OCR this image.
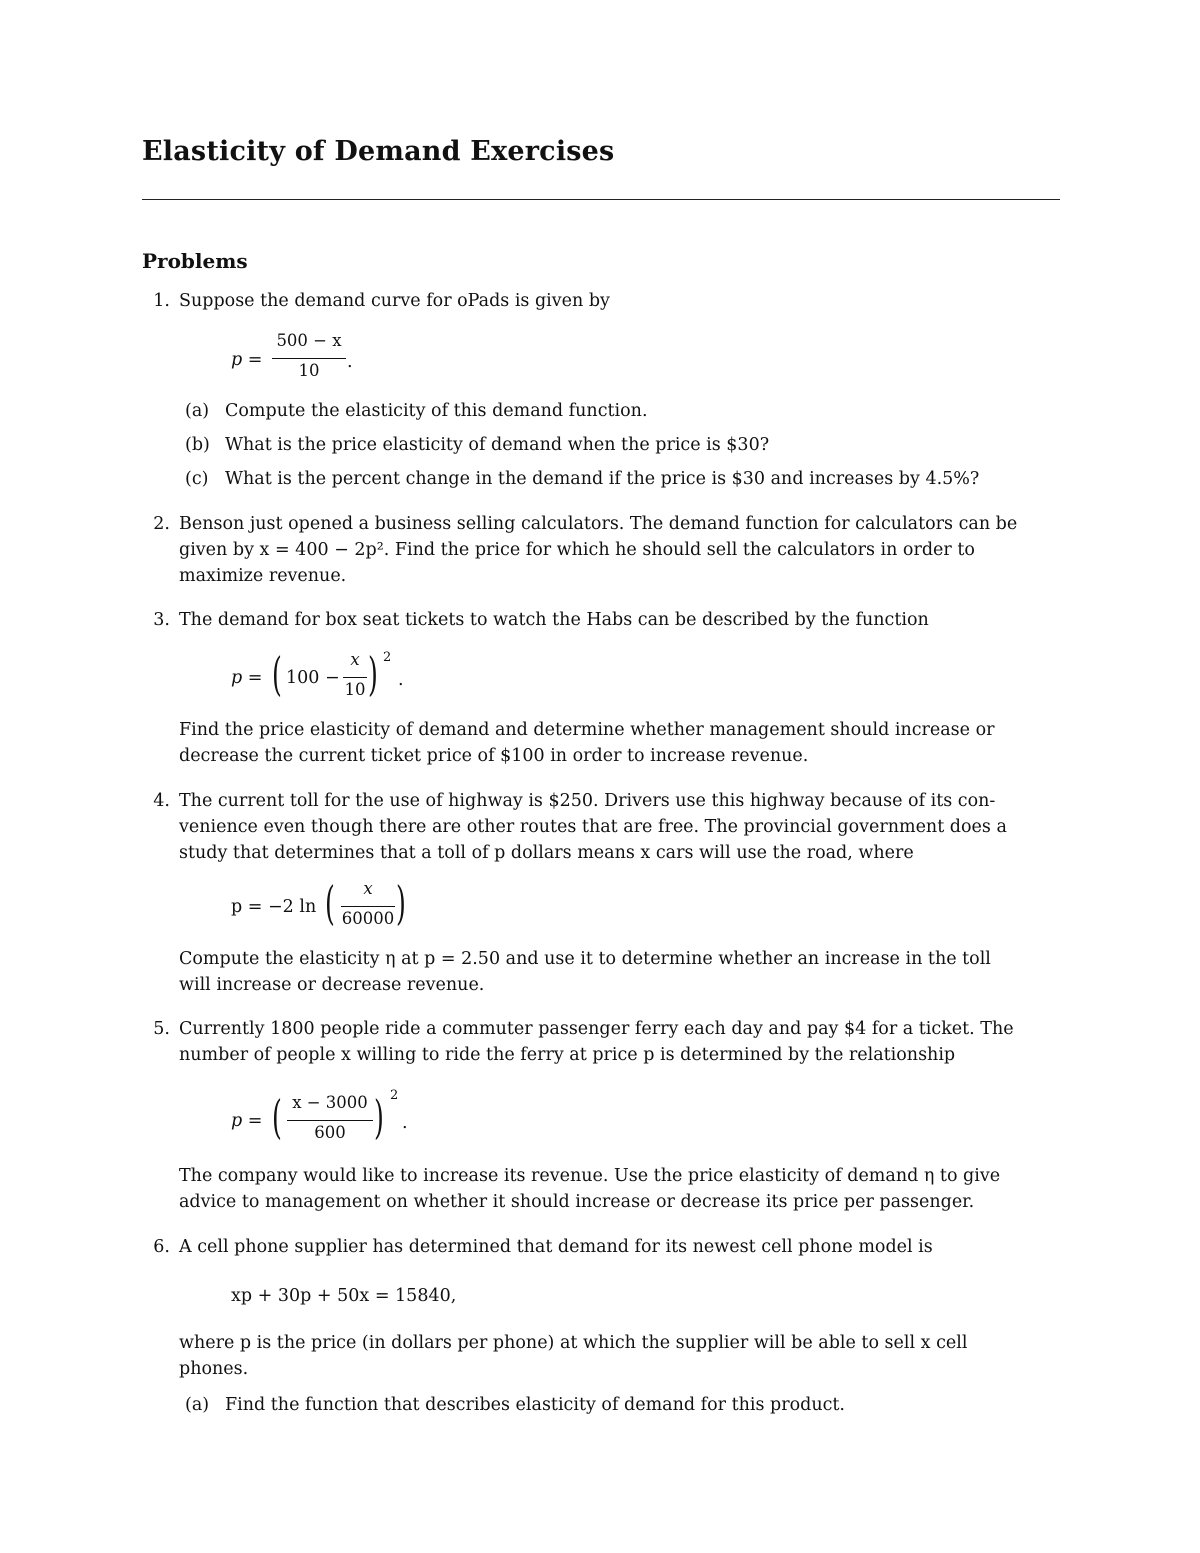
Elasticity of Demand Exercises
Problems
1. Suppose the demand curve for oPads is given by
p =
500 − x
10	.
(a) Compute the elasticity of this demand function.
(b) What is the price elasticity of demand when the price is $30?
(c) What is the percent change in the demand if the price is $30 and increases by 4.5%?
2. Benson just opened a business selling calculators. The demand function for calculators can be
given by x = 400 − 2p². Find the price for which he should sell the calculators in order to
maximize revenue.
3. The demand for box seat tickets to watch the Habs can be described by the function
p = ( 100 −
x
10 ) 2
.
Find the price elasticity of demand and determine whether management should increase or
decrease the current ticket price of $100 in order to increase revenue.
4. The current toll for the use of highway is $250. Drivers use this highway because of its con-
venience even though there are other routes that are free. The provincial government does a
study that determines that a toll of p dollars means x cars will use the road, where
p = −2 ln (	x
60000 )
Compute the elasticity η at p = 2.50 and use it to determine whether an increase in the toll
will increase or decrease revenue.
5. Currently 1800 people ride a commuter passenger ferry each day and pay $4 for a ticket. The
number of people x willing to ride the ferry at price p is determined by the relationship
p = ( x − 3000
600 ) 2
.
The company would like to increase its revenue. Use the price elasticity of demand η to give
advice to management on whether it should increase or decrease its price per passenger.
6. A cell phone supplier has determined that demand for its newest cell phone model is
xp + 30p + 50x = 15840,
where p is the price (in dollars per phone) at which the supplier will be able to sell x cell
phones.
(a) Find the function that describes elasticity of demand for this product.
